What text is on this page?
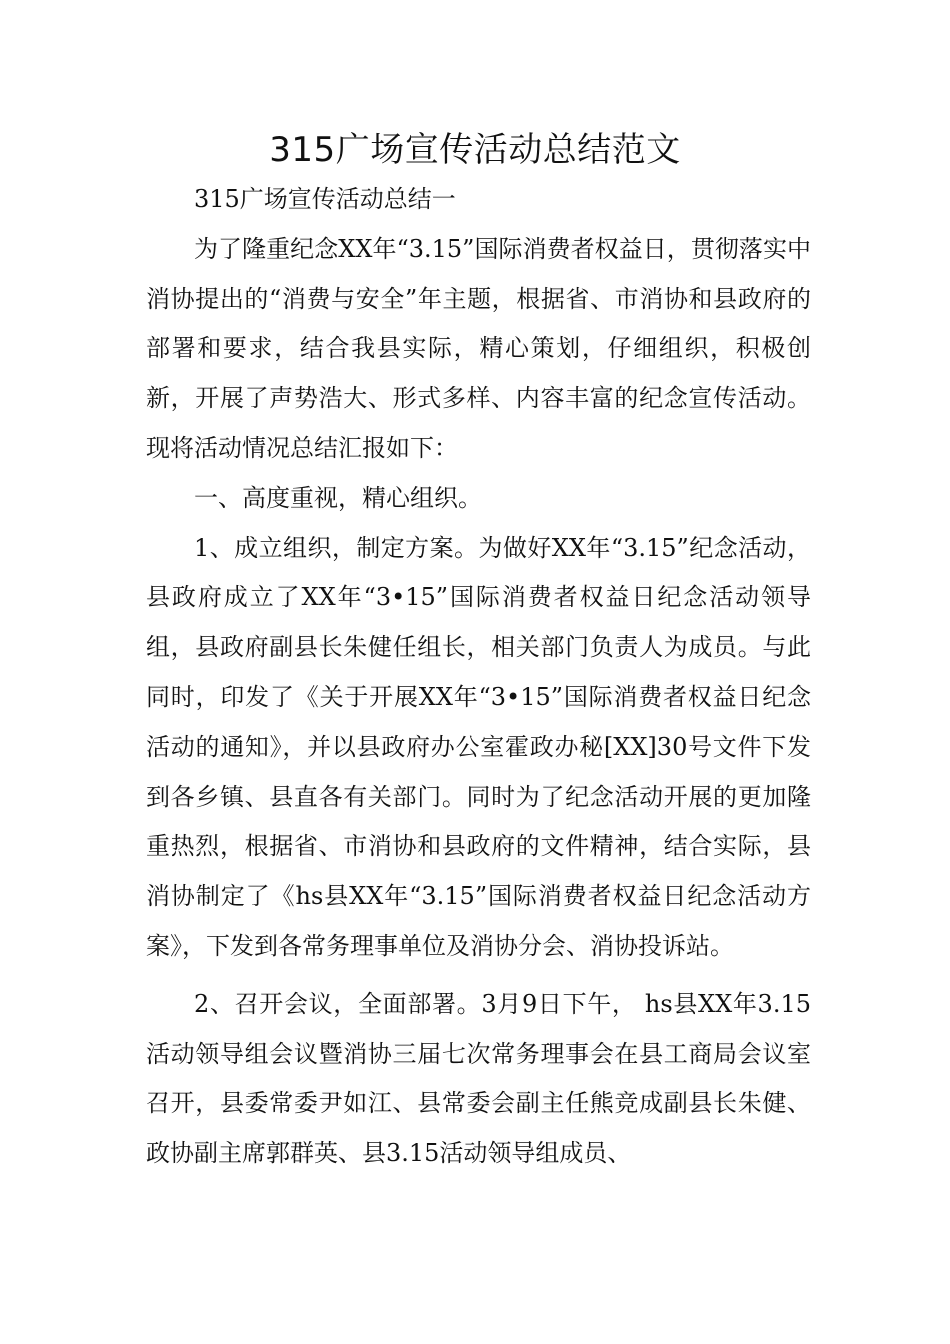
315广场宣传活动总结范文

315广场宣传活动总结一

为了隆重纪念XX年“3.15”国际消费者权益日，贯彻落实中消协提出的“消费与安全”年主题，根据省、市消协和县政府的部署和要求，结合我县实际，精心策划，仔细组织，积极创新，开展了声势浩大、形式多样、内容丰富的纪念宣传活动。现将活动情况总结汇报如下：

一、高度重视，精心组织。

1、成立组织，制定方案。为做好XX年“3.15”纪念活动，县政府成立了XX年“3•15”国际消费者权益日纪念活动领导组，县政府副县长朱健任组长，相关部门负责人为成员。与此同时，印发了《关于开展XX年“3•15”国际消费者权益日纪念活动的通知》，并以县政府办公室霍政办秘[XX]30号文件下发到各乡镇、县直各有关部门。同时为了纪念活动开展的更加隆重热烈，根据省、市消协和县政府的文件精神，结合实际，县消协制定了《hs县XX年“3.15”国际消费者权益日纪念活动方案》，下发到各常务理事单位及消协分会、消协投诉站。

2、召开会议，全面部署。3月9日下午， hs县XX年3.15活动领导组会议暨消协三届七次常务理事会在县工商局会议室召开，县委常委尹如江、县常委会副主任熊竞成副县长朱健、政协副主席郭群英、县3.15活动领导组成员、
